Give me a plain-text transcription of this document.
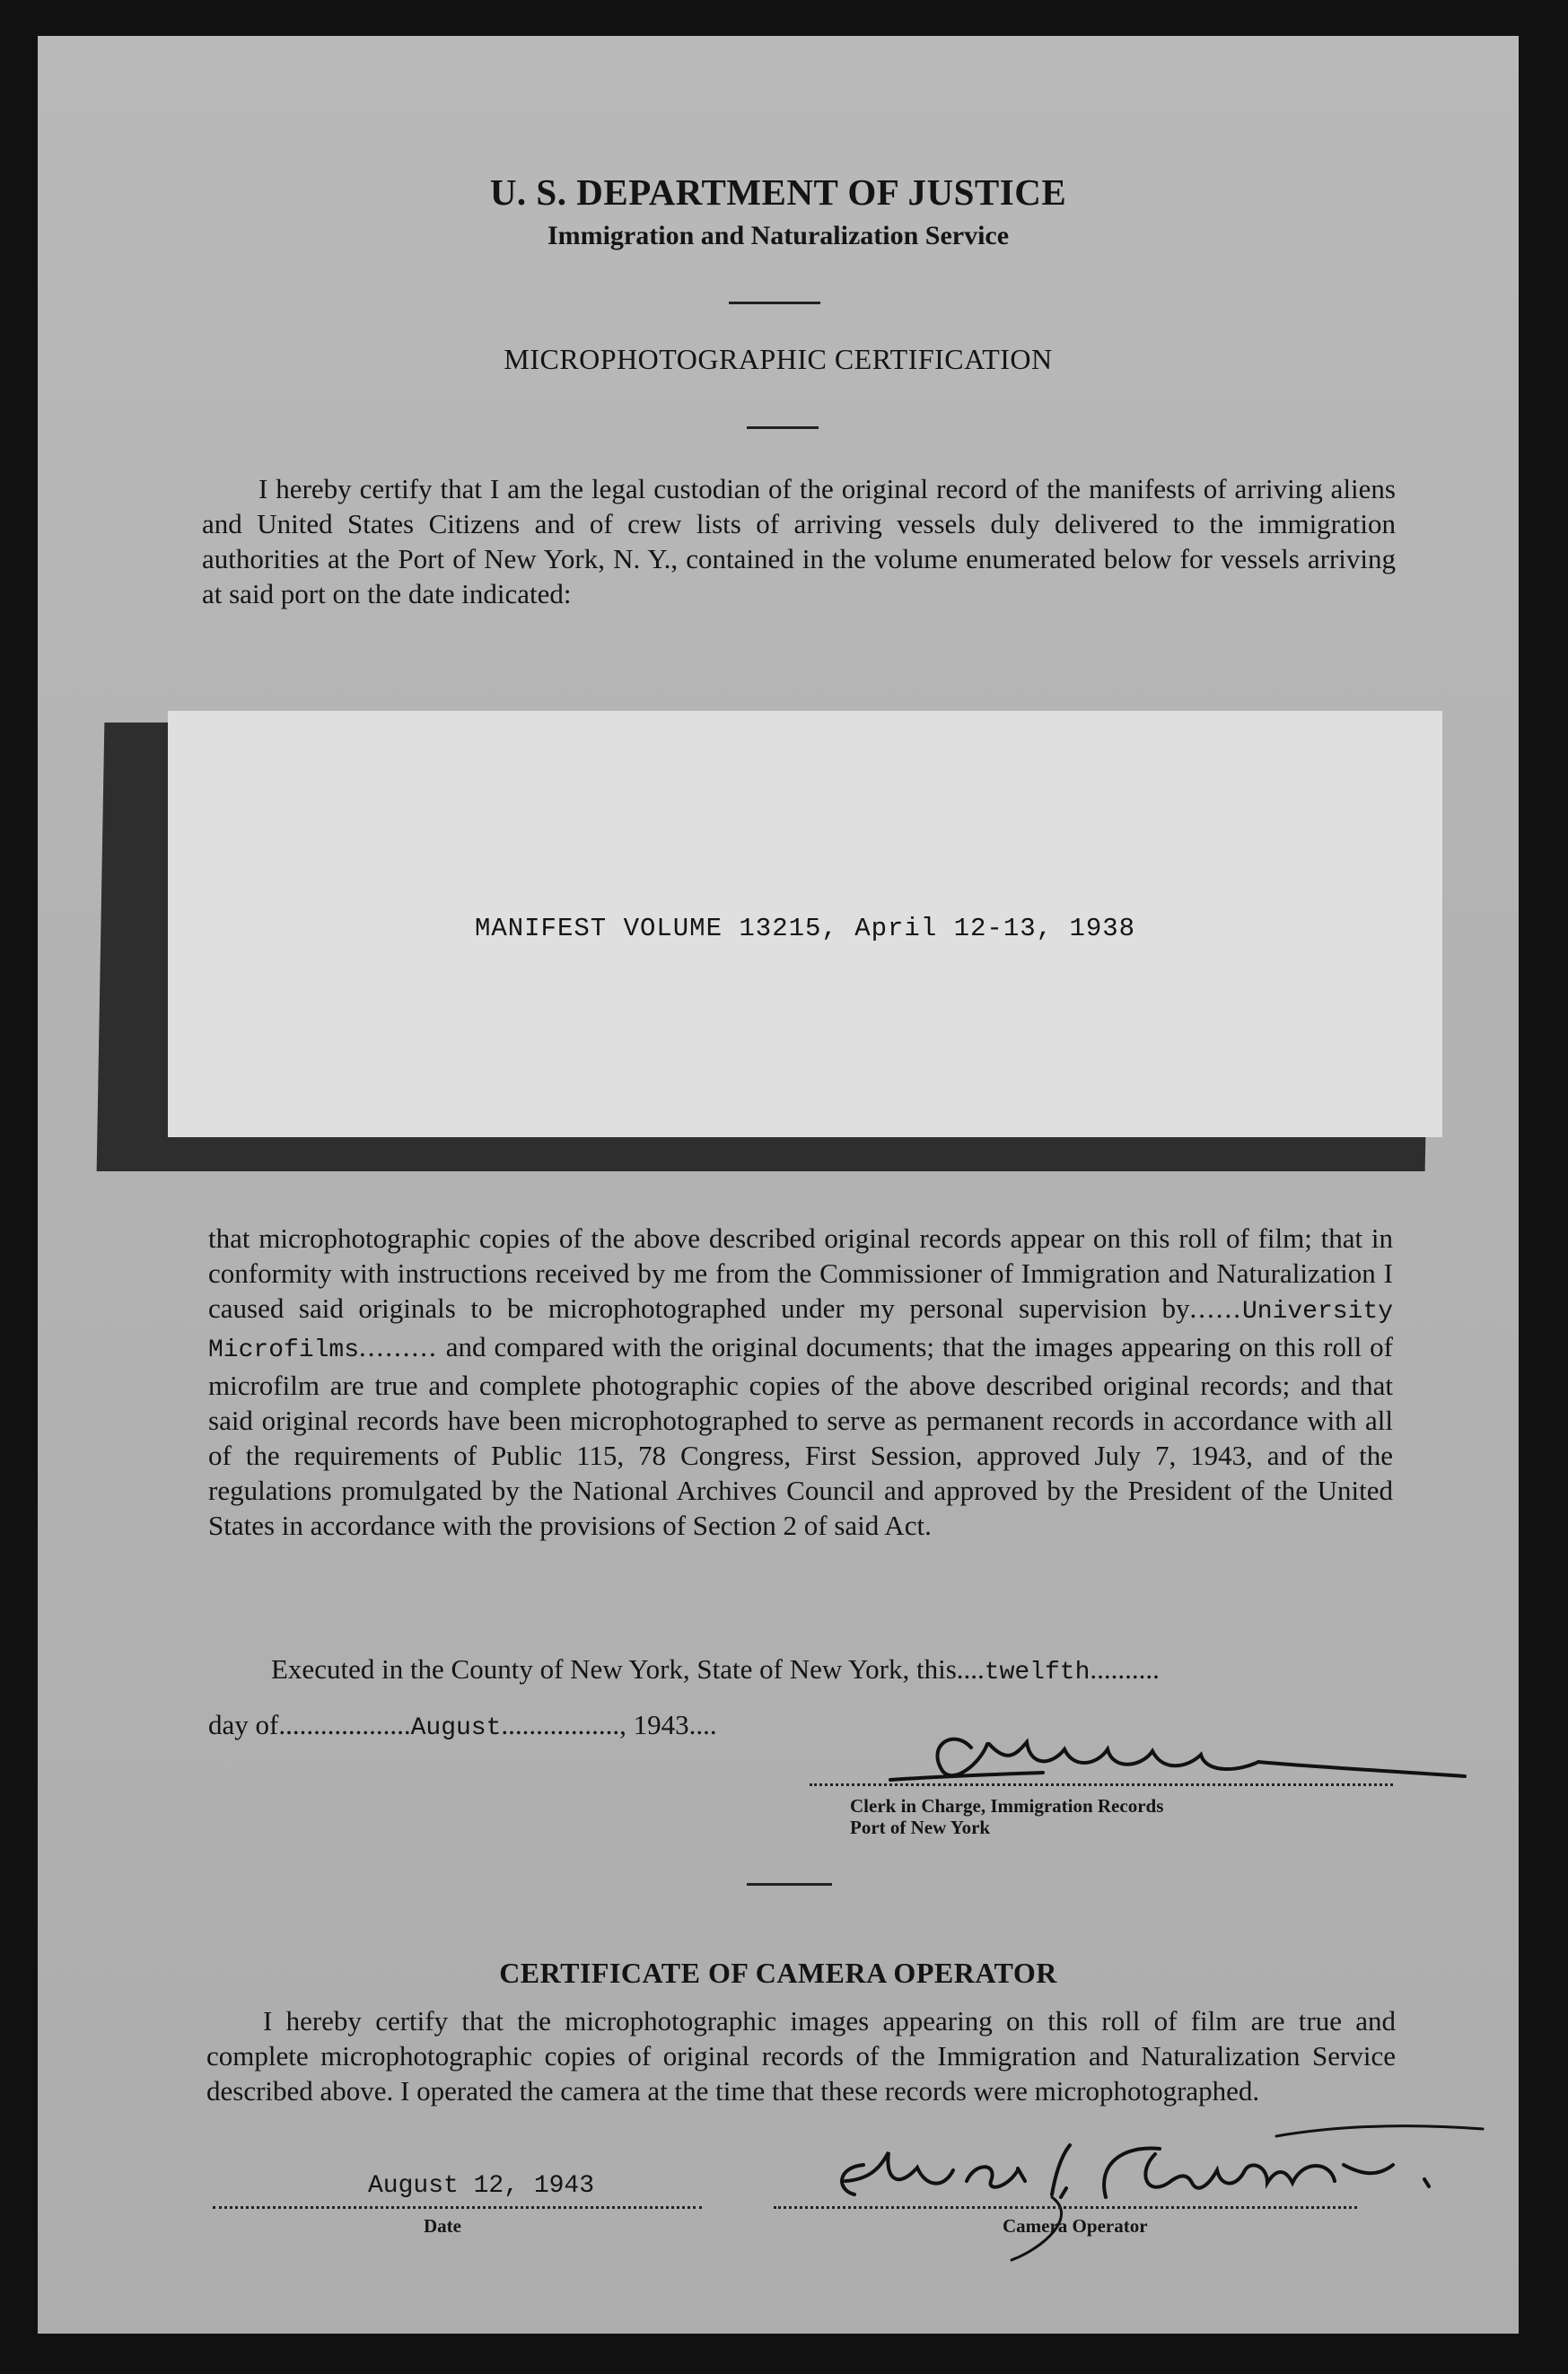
U. S. DEPARTMENT OF JUSTICE
Immigration and Naturalization Service
MICROPHOTOGRAPHIC CERTIFICATION
I hereby certify that I am the legal custodian of the original record of the manifests of arriving aliens and United States Citizens and of crew lists of arriving vessels duly delivered to the immigration authorities at the Port of New York, N. Y., contained in the volume enumerated below for vessels arriving at said port on the date indicated:
MANIFEST VOLUME 13215, April 12-13, 1938
that microphotographic copies of the above described original records appear on this roll of film; that in conformity with instructions received by me from the Commissioner of Immigration and Naturalization I caused said originals to be microphotographed under my personal supervision by......University Microfilms......... and compared with the original documents; that the images appearing on this roll of microfilm are true and complete photographic copies of the above described original records; and that said original records have been microphotographed to serve as permanent records in accordance with all of the requirements of Public 115, 78 Congress, First Session, approved July 7, 1943, and of the regulations promulgated by the National Archives Council and approved by the President of the United States in accordance with the provisions of Section 2 of said Act.
Executed in the County of New York, State of New York, this....twelfth..........
day of...................August................., 1943....
Clerk in Charge, Immigration Records
Port of New York
CERTIFICATE OF CAMERA OPERATOR
I hereby certify that the microphotographic images appearing on this roll of film are true and complete microphotographic copies of original records of the Immigration and Naturalization Service described above. I operated the camera at the time that these records were microphotographed.
August 12, 1943
Date	Camera Operator
